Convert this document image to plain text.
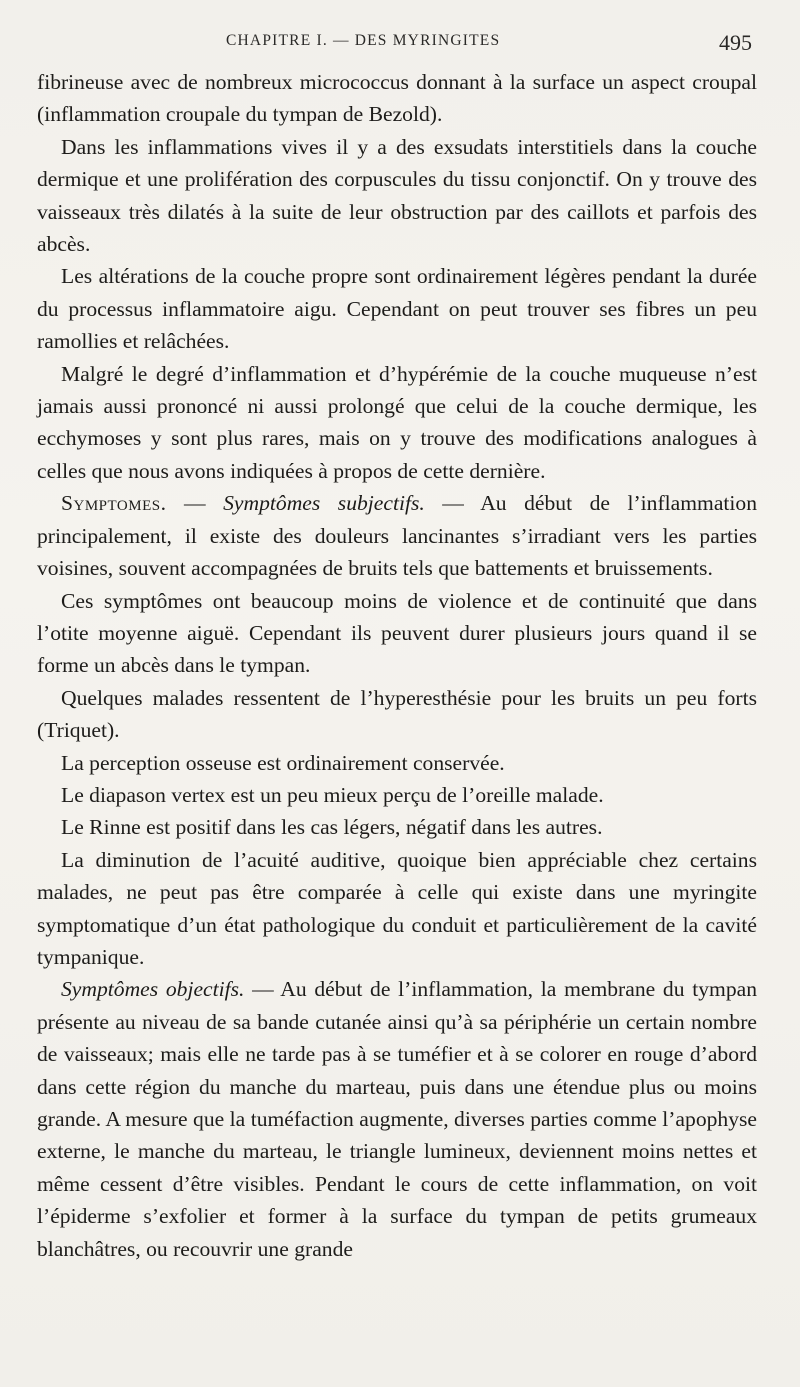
CHAPITRE I. — DES MYRINGITES	495

fibrineuse avec de nombreux micrococcus donnant à la surface un aspect croupal (inflammation croupale du tympan de Bezold).

Dans les inflammations vives il y a des exsudats interstitiels dans la couche dermique et une prolifération des corpuscules du tissu conjonctif. On y trouve des vaisseaux très dilatés à la suite de leur obstruction par des caillots et parfois des abcès.

Les altérations de la couche propre sont ordinairement légères pendant la durée du processus inflammatoire aigu. Cependant on peut trouver ses fibres un peu ramollies et relâchées.

Malgré le degré d’inflammation et d’hypérémie de la couche muqueuse n’est jamais aussi prononcé ni aussi prolongé que celui de la couche dermique, les ecchymoses y sont plus rares, mais on y trouve des modifications analogues à celles que nous avons indiquées à propos de cette dernière.

Symptomes. — Symptômes subjectifs. — Au début de l’inflammation principalement, il existe des douleurs lancinantes s’irradiant vers les parties voisines, souvent accompagnées de bruits tels que battements et bruissements.

Ces symptômes ont beaucoup moins de violence et de continuité que dans l’otite moyenne aiguë. Cependant ils peuvent durer plusieurs jours quand il se forme un abcès dans le tympan.

Quelques malades ressentent de l’hyperesthésie pour les bruits un peu forts (Triquet).

La perception osseuse est ordinairement conservée.

Le diapason vertex est un peu mieux perçu de l’oreille malade.

Le Rinne est positif dans les cas légers, négatif dans les autres.

La diminution de l’acuité auditive, quoique bien appréciable chez certains malades, ne peut pas être comparée à celle qui existe dans une myringite symptomatique d’un état pathologique du conduit et particulièrement de la cavité tympanique.

Symptômes objectifs. — Au début de l’inflammation, la membrane du tympan présente au niveau de sa bande cutanée ainsi qu’à sa périphérie un certain nombre de vaisseaux; mais elle ne tarde pas à se tuméfier et à se colorer en rouge d’abord dans cette région du manche du marteau, puis dans une étendue plus ou moins grande. A mesure que la tuméfaction augmente, diverses parties comme l’apophyse externe, le manche du marteau, le triangle lumineux, deviennent moins nettes et même cessent d’être visibles. Pendant le cours de cette inflammation, on voit l’épiderme s’exfolier et former à la surface du tympan de petits grumeaux blanchâtres, ou recouvrir une grande
